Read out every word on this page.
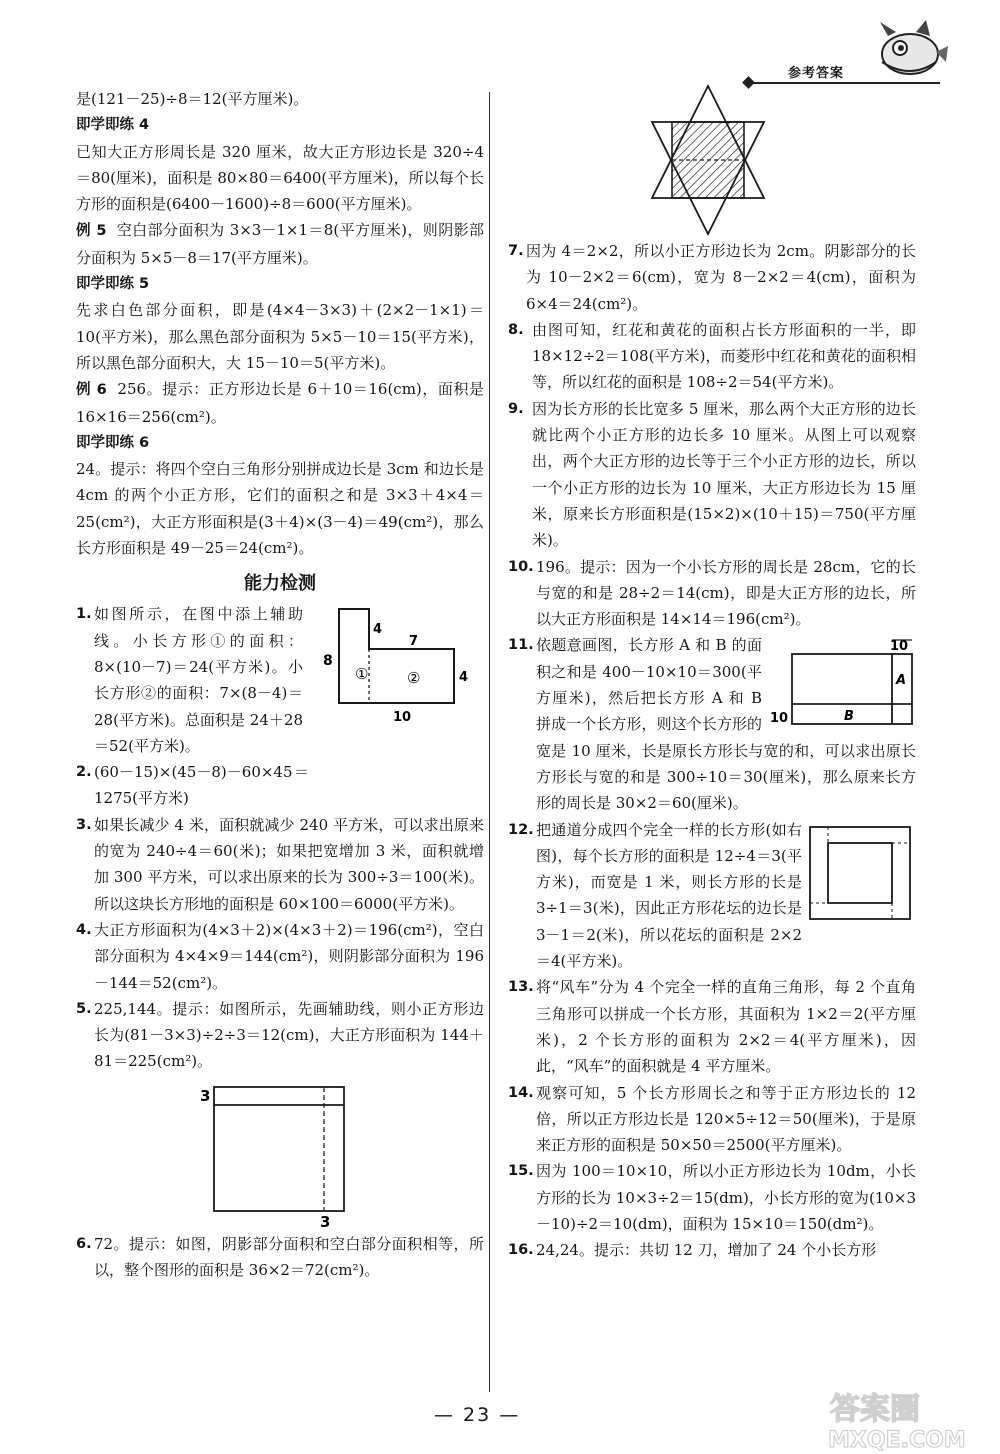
参考答案

是(121－25)÷8＝12(平方厘米)。

即学即练 4

已知大正方形周长是 320 厘米，故大正方形边长是 320÷4＝80(厘米)，面积是 80×80＝6400(平方厘米)，所以每个长方形的面积是(6400－1600)÷8＝600(平方厘米)。

例 5 空白部分面积为 3×3－1×1＝8(平方厘米)，则阴影部分面积为 5×5－8＝17(平方厘米)。

即学即练 5

先求白色部分面积，即是(4×4－3×3)＋(2×2－1×1)＝10(平方米)，那么黑色部分面积为 5×5－10＝15(平方米)，所以黑色部分面积大，大 15－10＝5(平方米)。

例 6 256。提示：正方形边长是 6＋10＝16(cm)，面积是 16×16＝256(cm²)。

即学即练 6

24。提示：将四个空白三角形分别拼成边长是 3cm 和边长是 4cm 的两个小正方形，它们的面积之和是 3×3＋4×4＝25(cm²)，大正方形面积是(3＋4)×(3－4)＝49(cm²)，那么长方形面积是 49－25＝24(cm²)。

能力检测
8
①
4
7
②	4
10

1. 如图所示，在图中添上辅助线。小长方形①的面积：8×(10－7)＝24(平方米)。小长方形②的面积：7×(8－4)＝28(平方米)。总面积是 24＋28＝52(平方米)。

2. (60－15)×(45－8)－60×45＝1275(平方米)

3. 如果长减少 4 米，面积就减少 240 平方米，可以求出原来的宽为 240÷4＝60(米)；如果把宽增加 3 米，面积就增加 300 平方米，可以求出原来的长为 300÷3＝100(米)。所以这块长方形地的面积是 60×100＝6000(平方米)。

4. 大正方形面积为(4×3＋2)×(4×3＋2)＝196(cm²)，空白部分面积为 4×4×9＝144(cm²)，则阴影部分面积为 196－144＝52(cm²)。

5. 225,144。提示：如图所示，先画辅助线，则小正方形边长为(81－3×3)÷2÷3＝12(cm)，大正方形面积为 144＋81＝225(cm²)。

3
3

6. 72。提示：如图，阴影部分面积和空白部分面积相等，所以，整个图形的面积是 36×2＝72(cm²)。

7. 因为 4＝2×2，所以小正方形边长为 2cm。阴影部分的长为 10－2×2＝6(cm)，宽为 8－2×2＝4(cm)，面积为 6×4＝24(cm²)。

8. 由图可知，红花和黄花的面积占长方形面积的一半，即 18×12÷2＝108(平方米)，而菱形中红花和黄花的面积相等，所以红花的面积是 108÷2＝54(平方米)。

9. 因为长方形的长比宽多 5 厘米，那么两个大正方形的边长就比两个小正方形的边长多 10 厘米。从图上可以观察出，两个大正方形的边长等于三个小正方形的边长，所以一个小正方形的边长为 10 厘米，大正方形边长为 15 厘米，原来长方形面积是(15×2)×(10＋15)＝750(平方厘米)。

10. 196。提示：因为一个小长方形的周长是 28cm，它的长与宽的和是 28÷2＝14(cm)，即是大正方形的边长，所以大正方形面积是 14×14＝196(cm²)。

10
A
10	B

11. 依题意画图，长方形 A 和 B 的面积之和是 400－10×10＝300(平方厘米)，然后把长方形 A 和 B 拼成一个长方形，则这个长方形的宽是 10 厘米，长是原长方形长与宽的和，可以求出原长方形长与宽的和是 300÷10＝30(厘米)，那么原来长方形的周长是 30×2＝60(厘米)。

12. 把通道分成四个完全一样的长方形(如右图)，每个长方形的面积是 12÷4＝3(平方米)，而宽是 1 米，则长方形的长是 3÷1＝3(米)，因此正方形花坛的边长是 3－1＝2(米)，所以花坛的面积是 2×2＝4(平方米)。

13. 将“风车”分为 4 个完全一样的直角三角形，每 2 个直角三角形可以拼成一个长方形，其面积为 1×2＝2(平方厘米)，2 个长方形的面积为 2×2＝4(平方厘米)，因此，“风车”的面积就是 4 平方厘米。

14. 观察可知，5 个长方形周长之和等于正方形边长的 12 倍，所以正方形边长是 120×5÷12＝50(厘米)，于是原来正方形的面积是 50×50＝2500(平方厘米)。

15. 因为 100＝10×10，所以小正方形边长为 10dm，小长方形的长为 10×3÷2＝15(dm)，小长方形的宽为(10×3－10)÷2＝10(dm)，面积为 15×10＝150(dm²)。

16. 24,24。提示：共切 12 刀，增加了 24 个小长方形

— 23 —	答案圈
MXQE.COM
